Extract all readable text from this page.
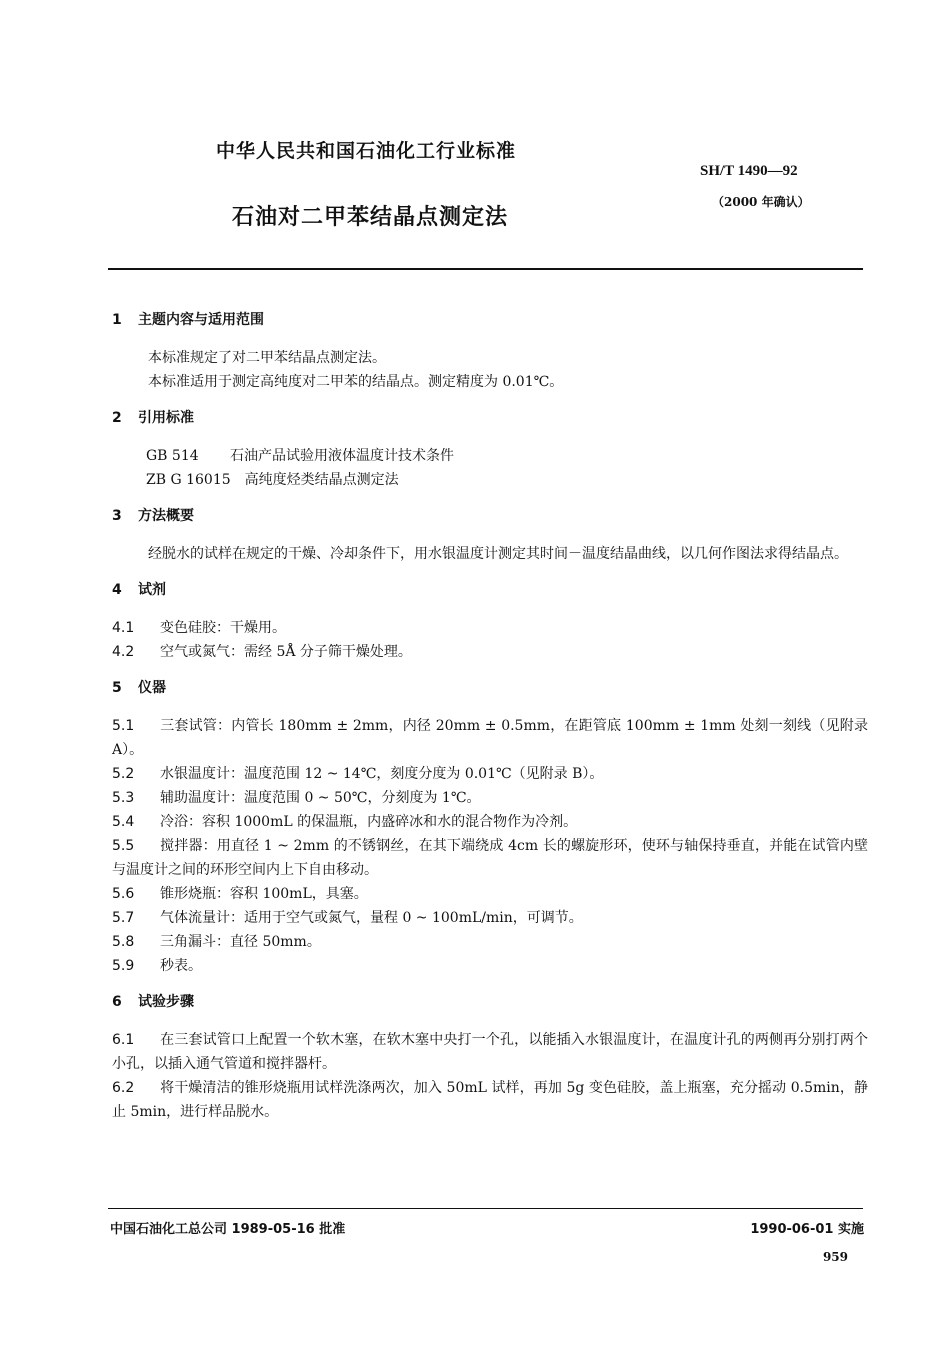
中华人民共和国石油化工行业标准
SH/T 1490—92
（2000 年确认）
石油对二甲苯结晶点测定法
1 主题内容与适用范围

本标准规定了对二甲苯结晶点测定法。

本标准适用于测定高纯度对二甲苯的结晶点。测定精度为 0.01℃。

2 引用标准
GB 514 石油产品试验用液体温度计技术条件
ZB G 16015 高纯度烃类结晶点测定法
3 方法概要

经脱水的试样在规定的干燥、冷却条件下，用水银温度计测定其时间－温度结晶曲线，以几何作图法求得结晶点。

4 试剂
4.1 变色硅胶：干燥用。
4.2 空气或氮气：需经 5Å 分子筛干燥处理。
5 仪器
5.1 三套试管：内管长 180mm ± 2mm，内径 20mm ± 0.5mm，在距管底 100mm ± 1mm 处刻一刻线（见附录 A）。
5.2 水银温度计：温度范围 12 ~ 14℃，刻度分度为 0.01℃（见附录 B）。
5.3 辅助温度计：温度范围 0 ~ 50℃，分刻度为 1℃。
5.4 冷浴：容积 1000mL 的保温瓶，内盛碎冰和水的混合物作为冷剂。
5.5 搅拌器：用直径 1 ~ 2mm 的不锈钢丝，在其下端绕成 4cm 长的螺旋形环，使环与轴保持垂直，并能在试管内壁与温度计之间的环形空间内上下自由移动。
5.6 锥形烧瓶：容积 100mL，具塞。
5.7 气体流量计：适用于空气或氮气，量程 0 ~ 100mL/min，可调节。
5.8 三角漏斗：直径 50mm。
5.9 秒表。
6 试验步骤
6.1 在三套试管口上配置一个软木塞，在软木塞中央打一个孔，以能插入水银温度计，在温度计孔的两侧再分别打两个小孔，以插入通气管道和搅拌器杆。
6.2 将干燥清洁的锥形烧瓶用试样洗涤两次，加入 50mL 试样，再加 5g 变色硅胶，盖上瓶塞，充分摇动 0.5min，静止 5min，进行样品脱水。
中国石油化工总公司 1989-05-16 批准	1990-06-01 实施
959
